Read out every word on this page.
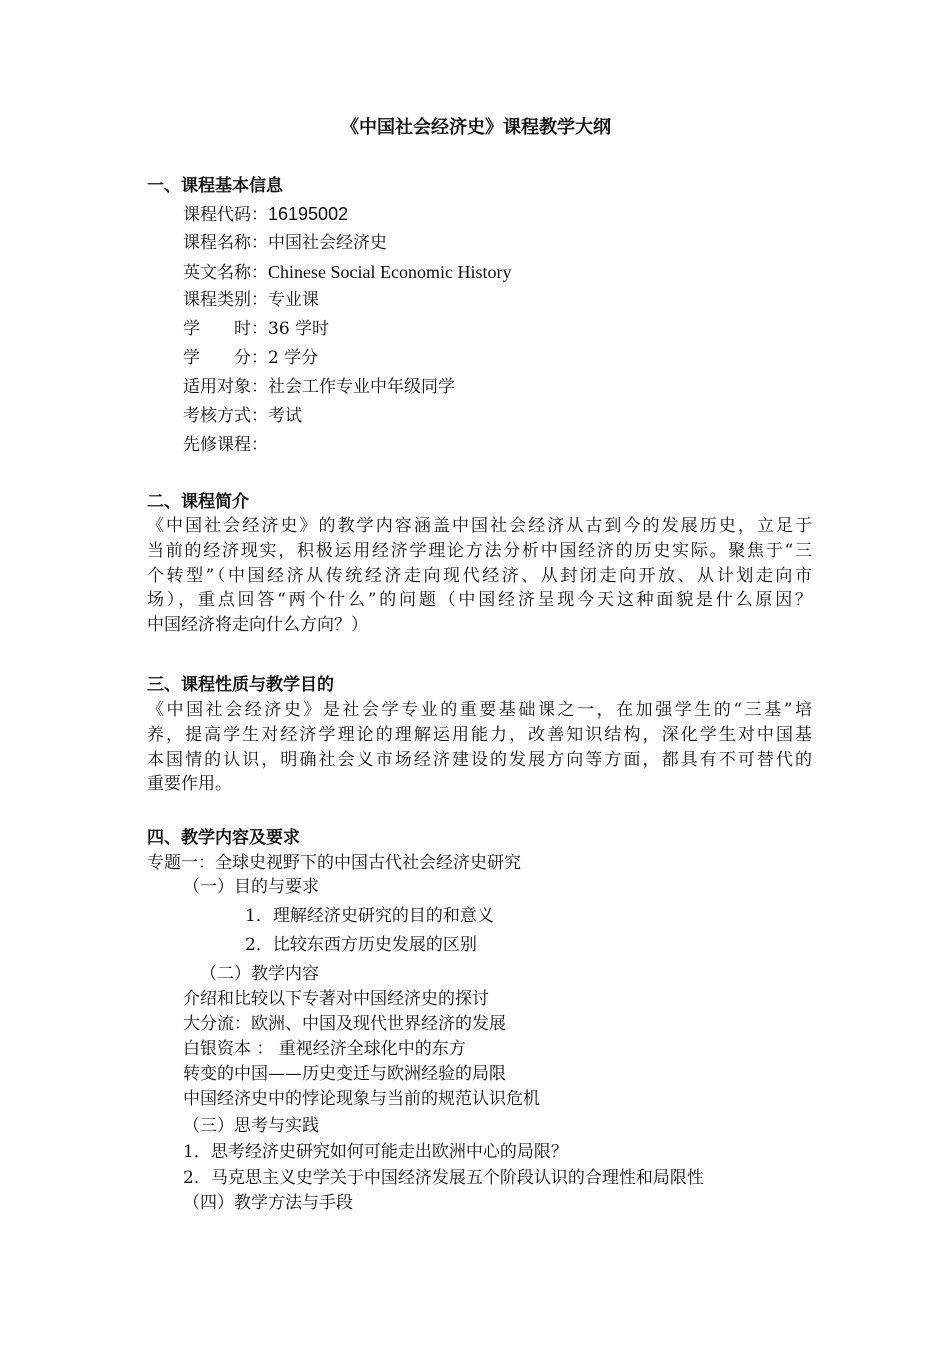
《中国社会经济史》课程教学大纲
一、课程基本信息
课程代码：16195002
课程名称：中国社会经济史
英文名称：Chinese Social Economic History
课程类别：专业课
学　　时：36 学时
学　　分：2 学分
适用对象：社会工作专业中年级同学
考核方式：考试
先修课程：
二、课程简介
《中国社会经济史》的教学内容涵盖中国社会经济从古到今的发展历史，立足于
当前的经济现实，积极运用经济学理论方法分析中国经济的历史实际。聚焦于“三
个转型”（中国经济从传统经济走向现代经济、从封闭走向开放、从计划走向市
场），重点回答“两个什么”的问题（中国经济呈现今天这种面貌是什么原因？
中国经济将走向什么方向？）
三、课程性质与教学目的
《中国社会经济史》是社会学专业的重要基础课之一，在加强学生的“三基”培
养，提高学生对经济学理论的理解运用能力，改善知识结构，深化学生对中国基
本国情的认识，明确社会义市场经济建设的发展方向等方面，都具有不可替代的
重要作用。
四、教学内容及要求
专题一：全球史视野下的中国古代社会经济史研究
（一）目的与要求
1．理解经济史研究的目的和意义
2．比较东西方历史发展的区别
（二）教学内容
介绍和比较以下专著对中国经济史的探讨
大分流：欧洲、中国及现代世界经济的发展
白银资本 ： 重视经济全球化中的东方
转变的中国——历史变迁与欧洲经验的局限
中国经济史中的悖论现象与当前的规范认识危机
（三）思考与实践
1．思考经济史研究如何可能走出欧洲中心的局限？
2．马克思主义史学关于中国经济发展五个阶段认识的合理性和局限性
（四）教学方法与手段
